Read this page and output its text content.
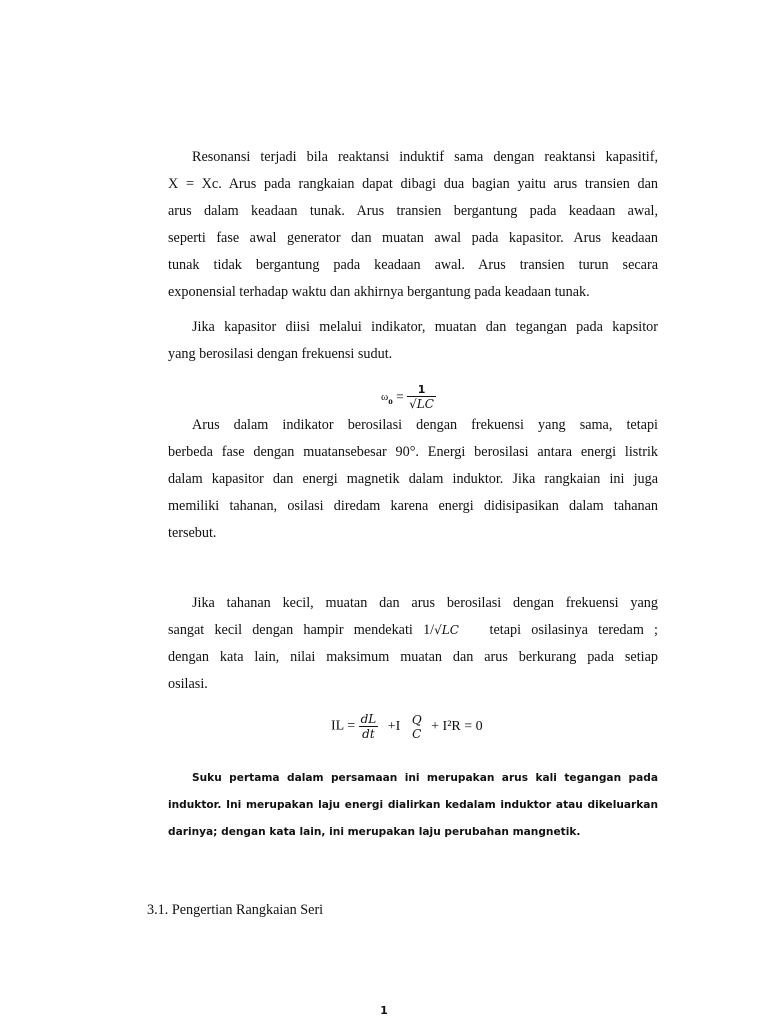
Resonansi terjadi bila reaktansi induktif sama dengan reaktansi kapasitif,
X = Xc. Arus pada rangkaian dapat dibagi dua bagian yaitu arus transien dan
arus dalam keadaan tunak. Arus transien bergantung pada keadaan awal,
seperti fase awal generator dan muatan awal pada kapasitor. Arus keadaan
tunak tidak bergantung pada keadaan awal. Arus transien turun secara
exponensial terhadap waktu dan akhirnya bergantung pada keadaan tunak.

Jika kapasitor diisi melalui indikator, muatan dan tegangan pada kapsitor
yang berosilasi dengan frekuensi sudut.

$\omega_o = \frac{1}{√LC}$

Arus dalam indikator berosilasi dengan frekuensi yang sama, tetapi
berbeda fase dengan muatansebesar 90°. Energi berosilasi antara energi listrik
dalam kapasitor dan energi magnetik dalam induktor. Jika rangkaian ini juga
memiliki tahanan, osilasi diredam karena energi didisipasikan dalam tahanan
tersebut.

Jika tahanan kecil, muatan dan arus berosilasi dengan frekuensi yang
sangat kecil dengan hampir mendekati 1/√LC tetapi osilasinya teredam ;
dengan kata lain, nilai maksimum muatan dan arus berkurang pada setiap
osilasi.

IL = $\frac{dL}{dt} +I$ Q
C + I²R = 0

Suku pertama dalam persamaan ini merupakan arus kali tegangan pada
induktor. Ini merupakan laju energi dialirkan kedalam induktor atau dikeluarkan
darinya; dengan kata lain, ini merupakan laju perubahan mangnetik.

3.1. Pengertian Rangkaian Seri
1
